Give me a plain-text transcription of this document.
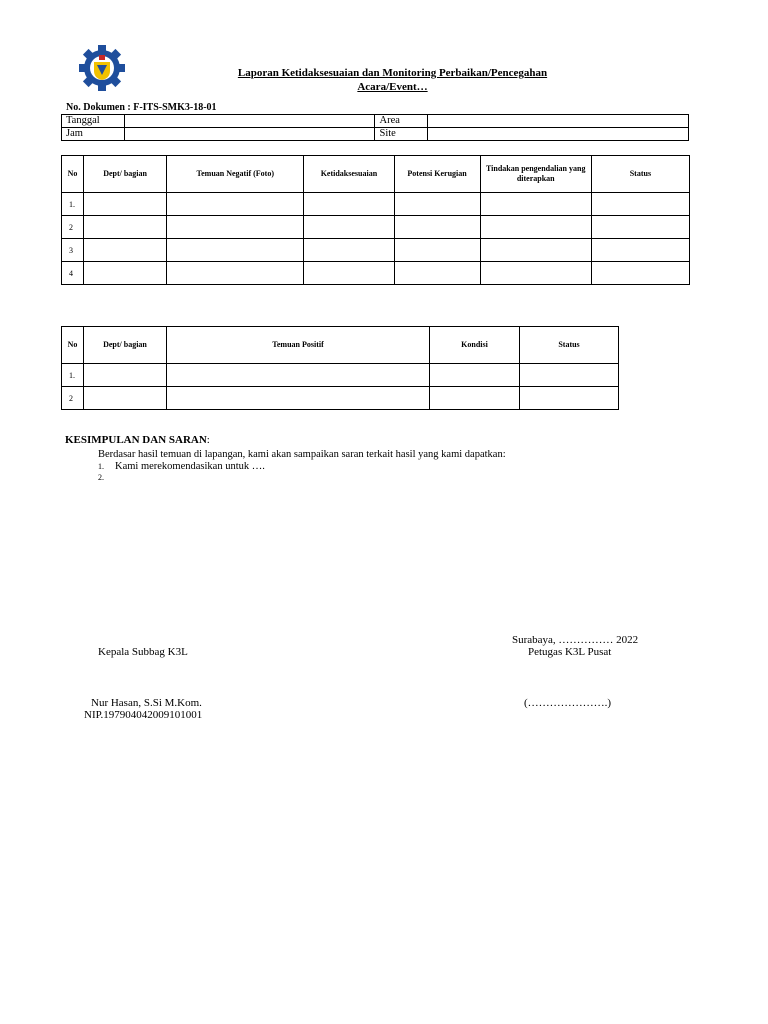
Laporan Ketidaksesuaian dan Monitoring Perbaikan/Pencegahan
Acara/Event…
No. Dokumen : F-ITS-SMK3-18-01
Tanggal		Area	
Jam		Site	
No	Dept/ bagian	Temuan Negatif (Foto)	Ketidaksesuaian	Potensi Kerugian	Tindakan pengendalian yang diterapkan	Status
1.						
2						
3						
4						
No	Dept/ bagian	Temuan Positif	Kondisi	Status
1.				
2				
KESIMPULAN DAN SARAN:
Berdasar hasil temuan di lapangan, kami akan sampaikan saran terkait hasil yang kami dapatkan:
1. Kami merekomendasikan untuk ….
2.
Surabaya, …………… 2022
Kepala Subbag K3L	Petugas K3L Pusat
Nur Hasan, S.Si M.Kom.
NIP.197904042009101001
(………………….)
